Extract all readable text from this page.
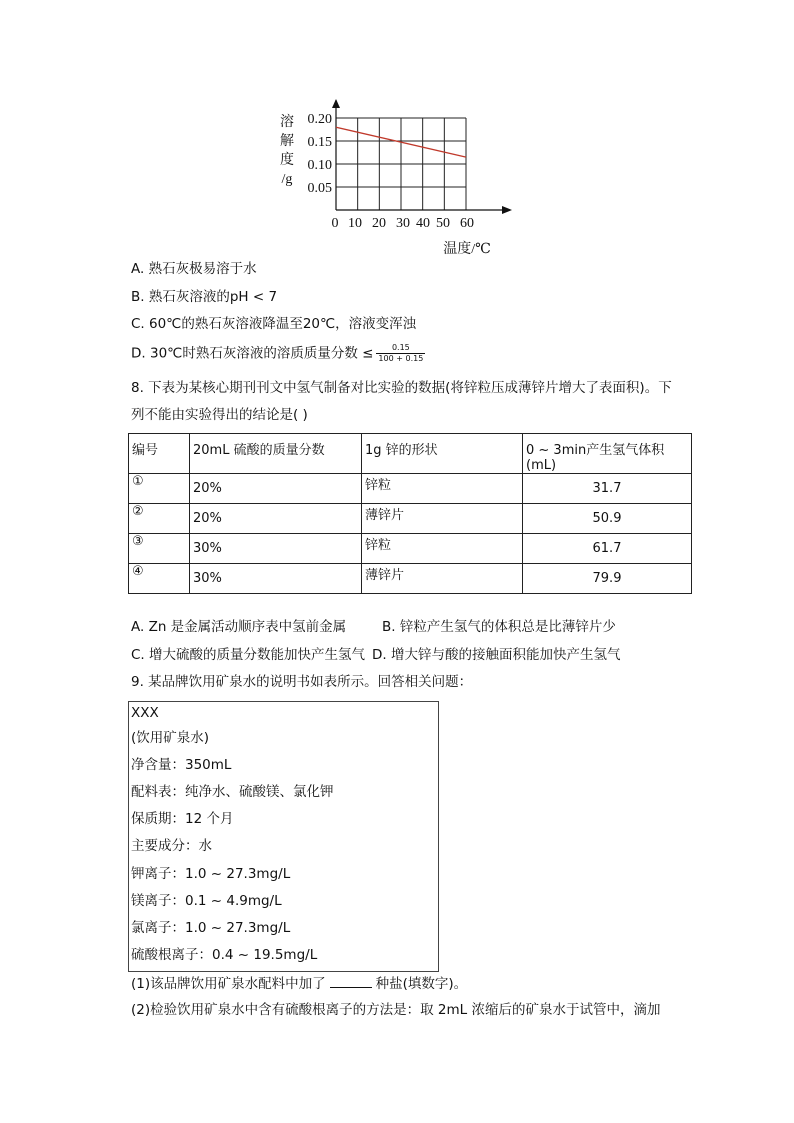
0.20
0.15
0.10
0.05
0 10 20 30 40 50 60
溶
解
度
/g
温度/℃
A. 熟石灰极易溶于水
B. 熟石灰溶液的pH < 7
C. 60℃的熟石灰溶液降温至20℃，溶液变浑浊
D. 30℃时熟石灰溶液的溶质质量分数 ≤ $\frac{0.15}{100 + 0.15}$
8. 下表为某核心期刊刊文中氢气制备对比实验的数据(将锌粒压成薄锌片增大了表面积)。下
列不能由实验得出的结论是( )
编号	20mL 硫酸的质量分数	1g 锌的形状	0 ~ 3min产生氢气体积(mL)
①	20%	锌粒	31.7
②	20%	薄锌片	50.9
③	30%	锌粒	61.7
④	30%	薄锌片	79.9
A. Zn 是金属活动顺序表中氢前金属	B. 锌粒产生氢气的体积总是比薄锌片少
C. 增大硫酸的质量分数能加快产生氢气 D. 增大锌与酸的接触面积能加快产生氢气
9. 某品牌饮用矿泉水的说明书如表所示。回答相关问题：
XXX
(饮用矿泉水)
净含量：350mL
配料表：纯净水、硫酸镁、氯化钾
保质期：12 个月
主要成分：水
钾离子：1.0 ~ 27.3mg/L
镁离子：0.1 ~ 4.9mg/L
氯离子：1.0 ~ 27.3mg/L
硫酸根离子：0.4 ~ 19.5mg/L
(1)该品牌饮用矿泉水配料中加了	种盐(填数字)。
(2)检验饮用矿泉水中含有硫酸根离子的方法是：取 2mL 浓缩后的矿泉水于试管中，滴加
